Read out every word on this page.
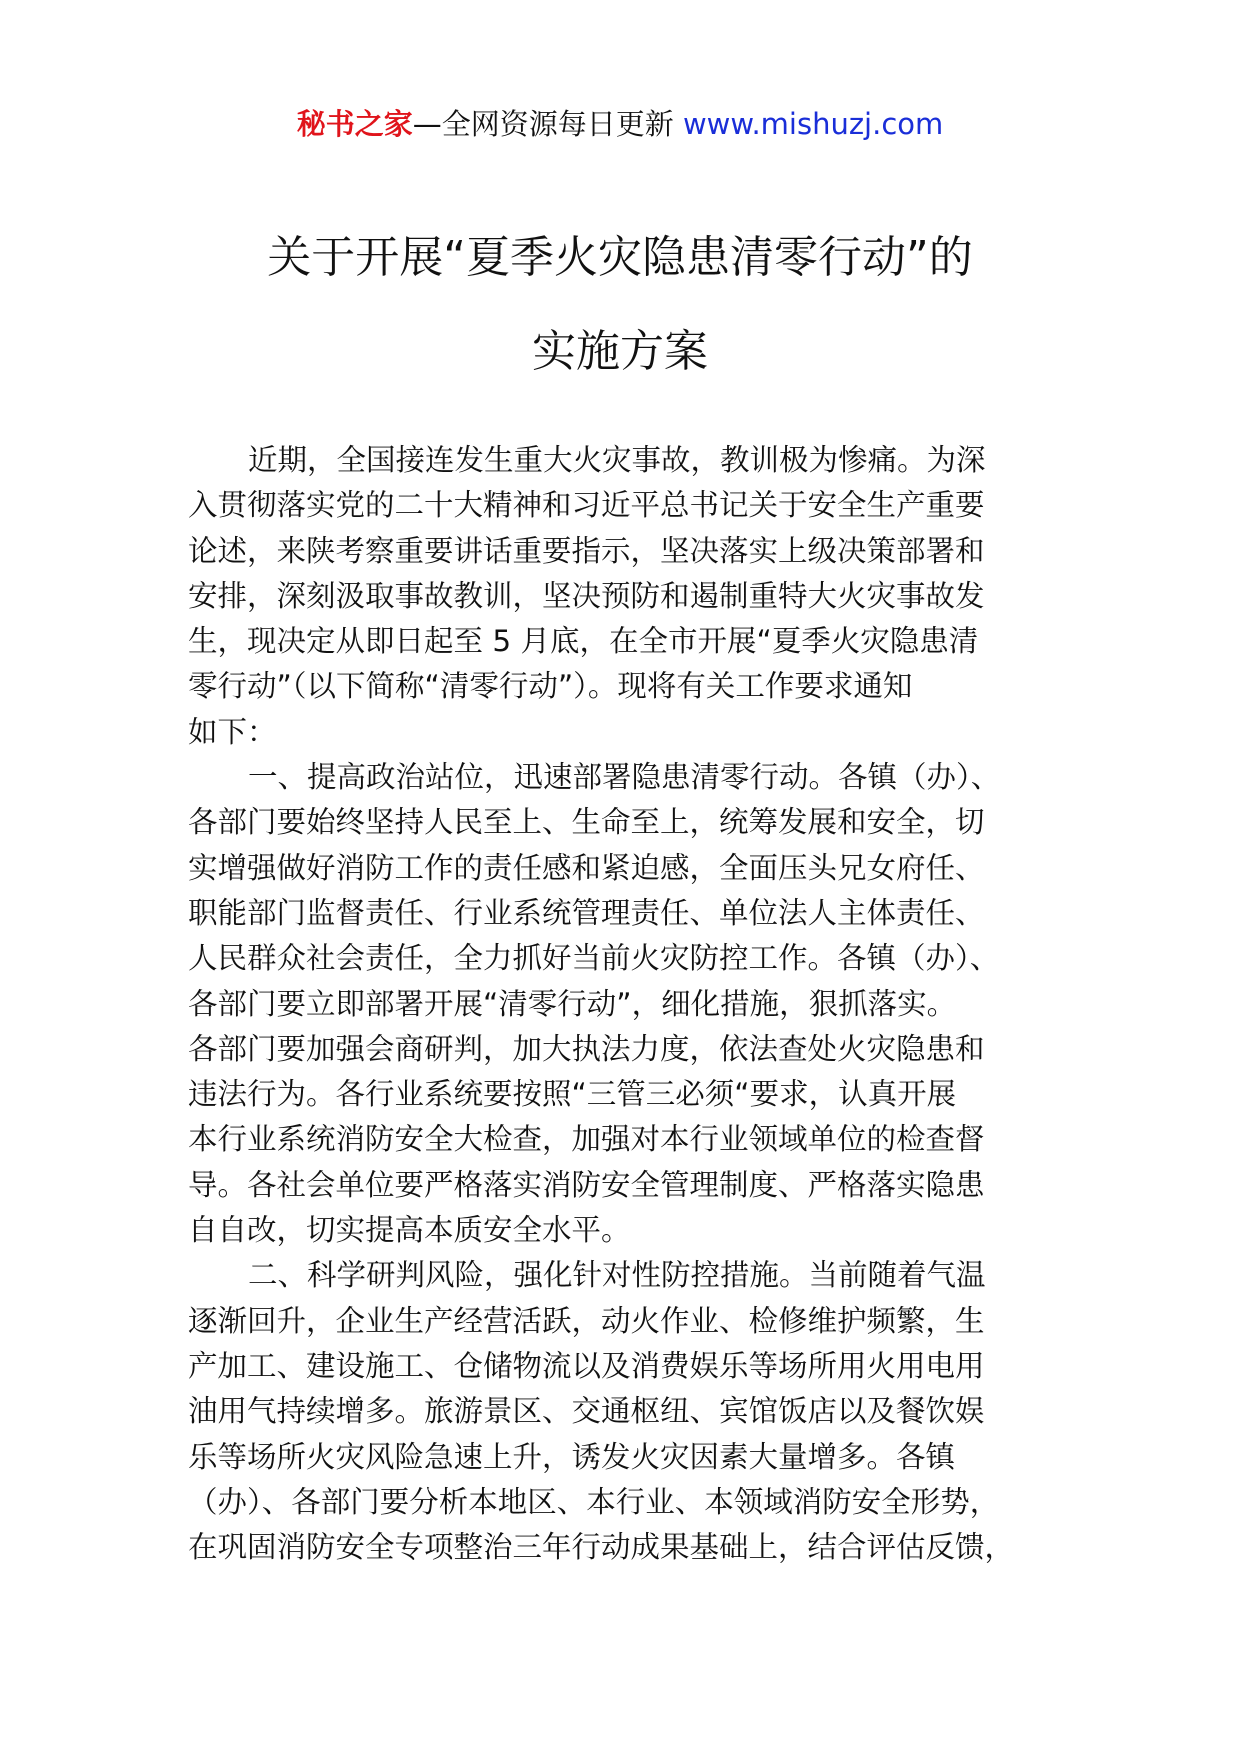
秘书之家—全网资源每日更新 www.mishuzj.com
关于开展“夏季火灾隐患清零行动”的
实施方案
近期，全国接连发生重大火灾事故，教训极为惨痛。为深
入贯彻落实党的二十大精神和习近平总书记关于安全生产重要
论述，来陕考察重要讲话重要指示，坚决落实上级决策部署和
安排，深刻汲取事故教训，坚决预防和遏制重特大火灾事故发
生，现决定从即日起至 5 月底，在全市开展“夏季火灾隐患清
零行动”（以下简称“清零行动”）。现将有关工作要求通知
如下：
一、提高政治站位，迅速部署隐患清零行动。各镇（办）、
各部门要始终坚持人民至上、生命至上，统筹发展和安全，切
实增强做好消防工作的责任感和紧迫感，全面压头兄女府任、
职能部门监督责任、行业系统管理责任、单位法人主体责任、
人民群众社会责任，全力抓好当前火灾防控工作。各镇（办）、
各部门要立即部署开展“清零行动”，细化措施，狠抓落实。
各部门要加强会商研判，加大执法力度，依法查处火灾隐患和
违法行为。各行业系统要按照“三管三必须“要求，认真开展
本行业系统消防安全大检查，加强对本行业领域单位的检查督
导。各社会单位要严格落实消防安全管理制度、严格落实隐患
自自改，切实提高本质安全水平。
二、科学研判风险，强化针对性防控措施。当前随着气温
逐渐回升，企业生产经营活跃，动火作业、检修维护频繁，生
产加工、建设施工、仓储物流以及消费娱乐等场所用火用电用
油用气持续增多。旅游景区、交通枢纽、宾馆饭店以及餐饮娱
乐等场所火灾风险急速上升，诱发火灾因素大量增多。各镇
（办）、各部门要分析本地区、本行业、本领域消防安全形势，
在巩固消防安全专项整治三年行动成果基础上，结合评估反馈，
